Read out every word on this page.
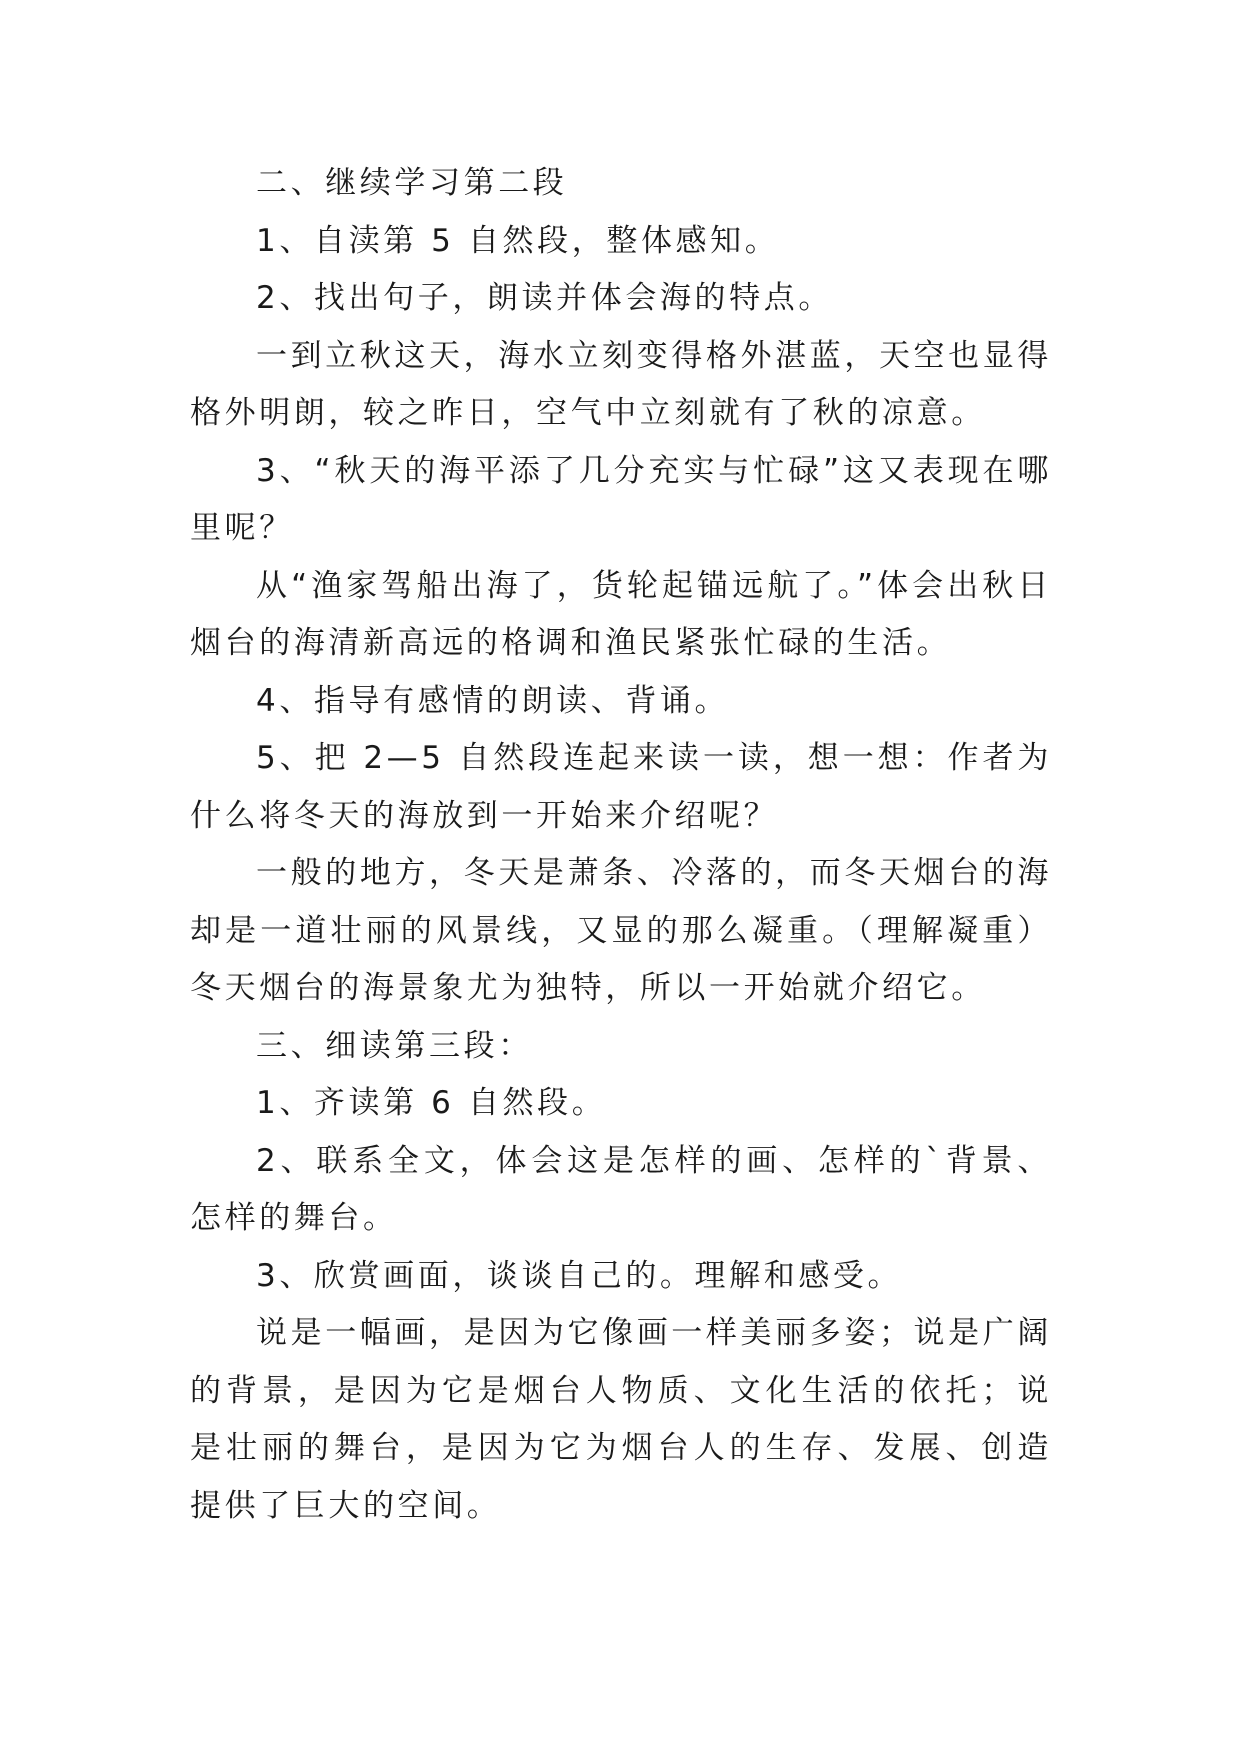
二、继续学习第二段

1、自渎第 5 自然段，整体感知。

2、找出句子，朗读并体会海的特点。

一到立秋这天，海水立刻变得格外湛蓝，天空也显得格外明朗，较之昨日，空气中立刻就有了秋的凉意。

3、“秋天的海平添了几分充实与忙碌”这又表现在哪里呢？

从“渔家驾船出海了，货轮起锚远航了。”体会出秋日烟台的海清新高远的格调和渔民紧张忙碌的生活。

4、指导有感情的朗读、背诵。

5、把 2—5 自然段连起来读一读，想一想：作者为什么将冬天的海放到一开始来介绍呢？

一般的地方，冬天是萧条、冷落的，而冬天烟台的海却是一道壮丽的风景线，又显的那么凝重。（理解凝重）冬天烟台的海景象尤为独特，所以一开始就介绍它。

三、细读第三段：

1、齐读第 6 自然段。

2、联系全文，体会这是怎样的画、怎样的`背景、怎样的舞台。

3、欣赏画面，谈谈自己的。理解和感受。

说是一幅画，是因为它像画一样美丽多姿；说是广阔的背景，是因为它是烟台人物质、文化生活的依托；说是壮丽的舞台，是因为它为烟台人的生存、发展、创造提供了巨大的空间。
